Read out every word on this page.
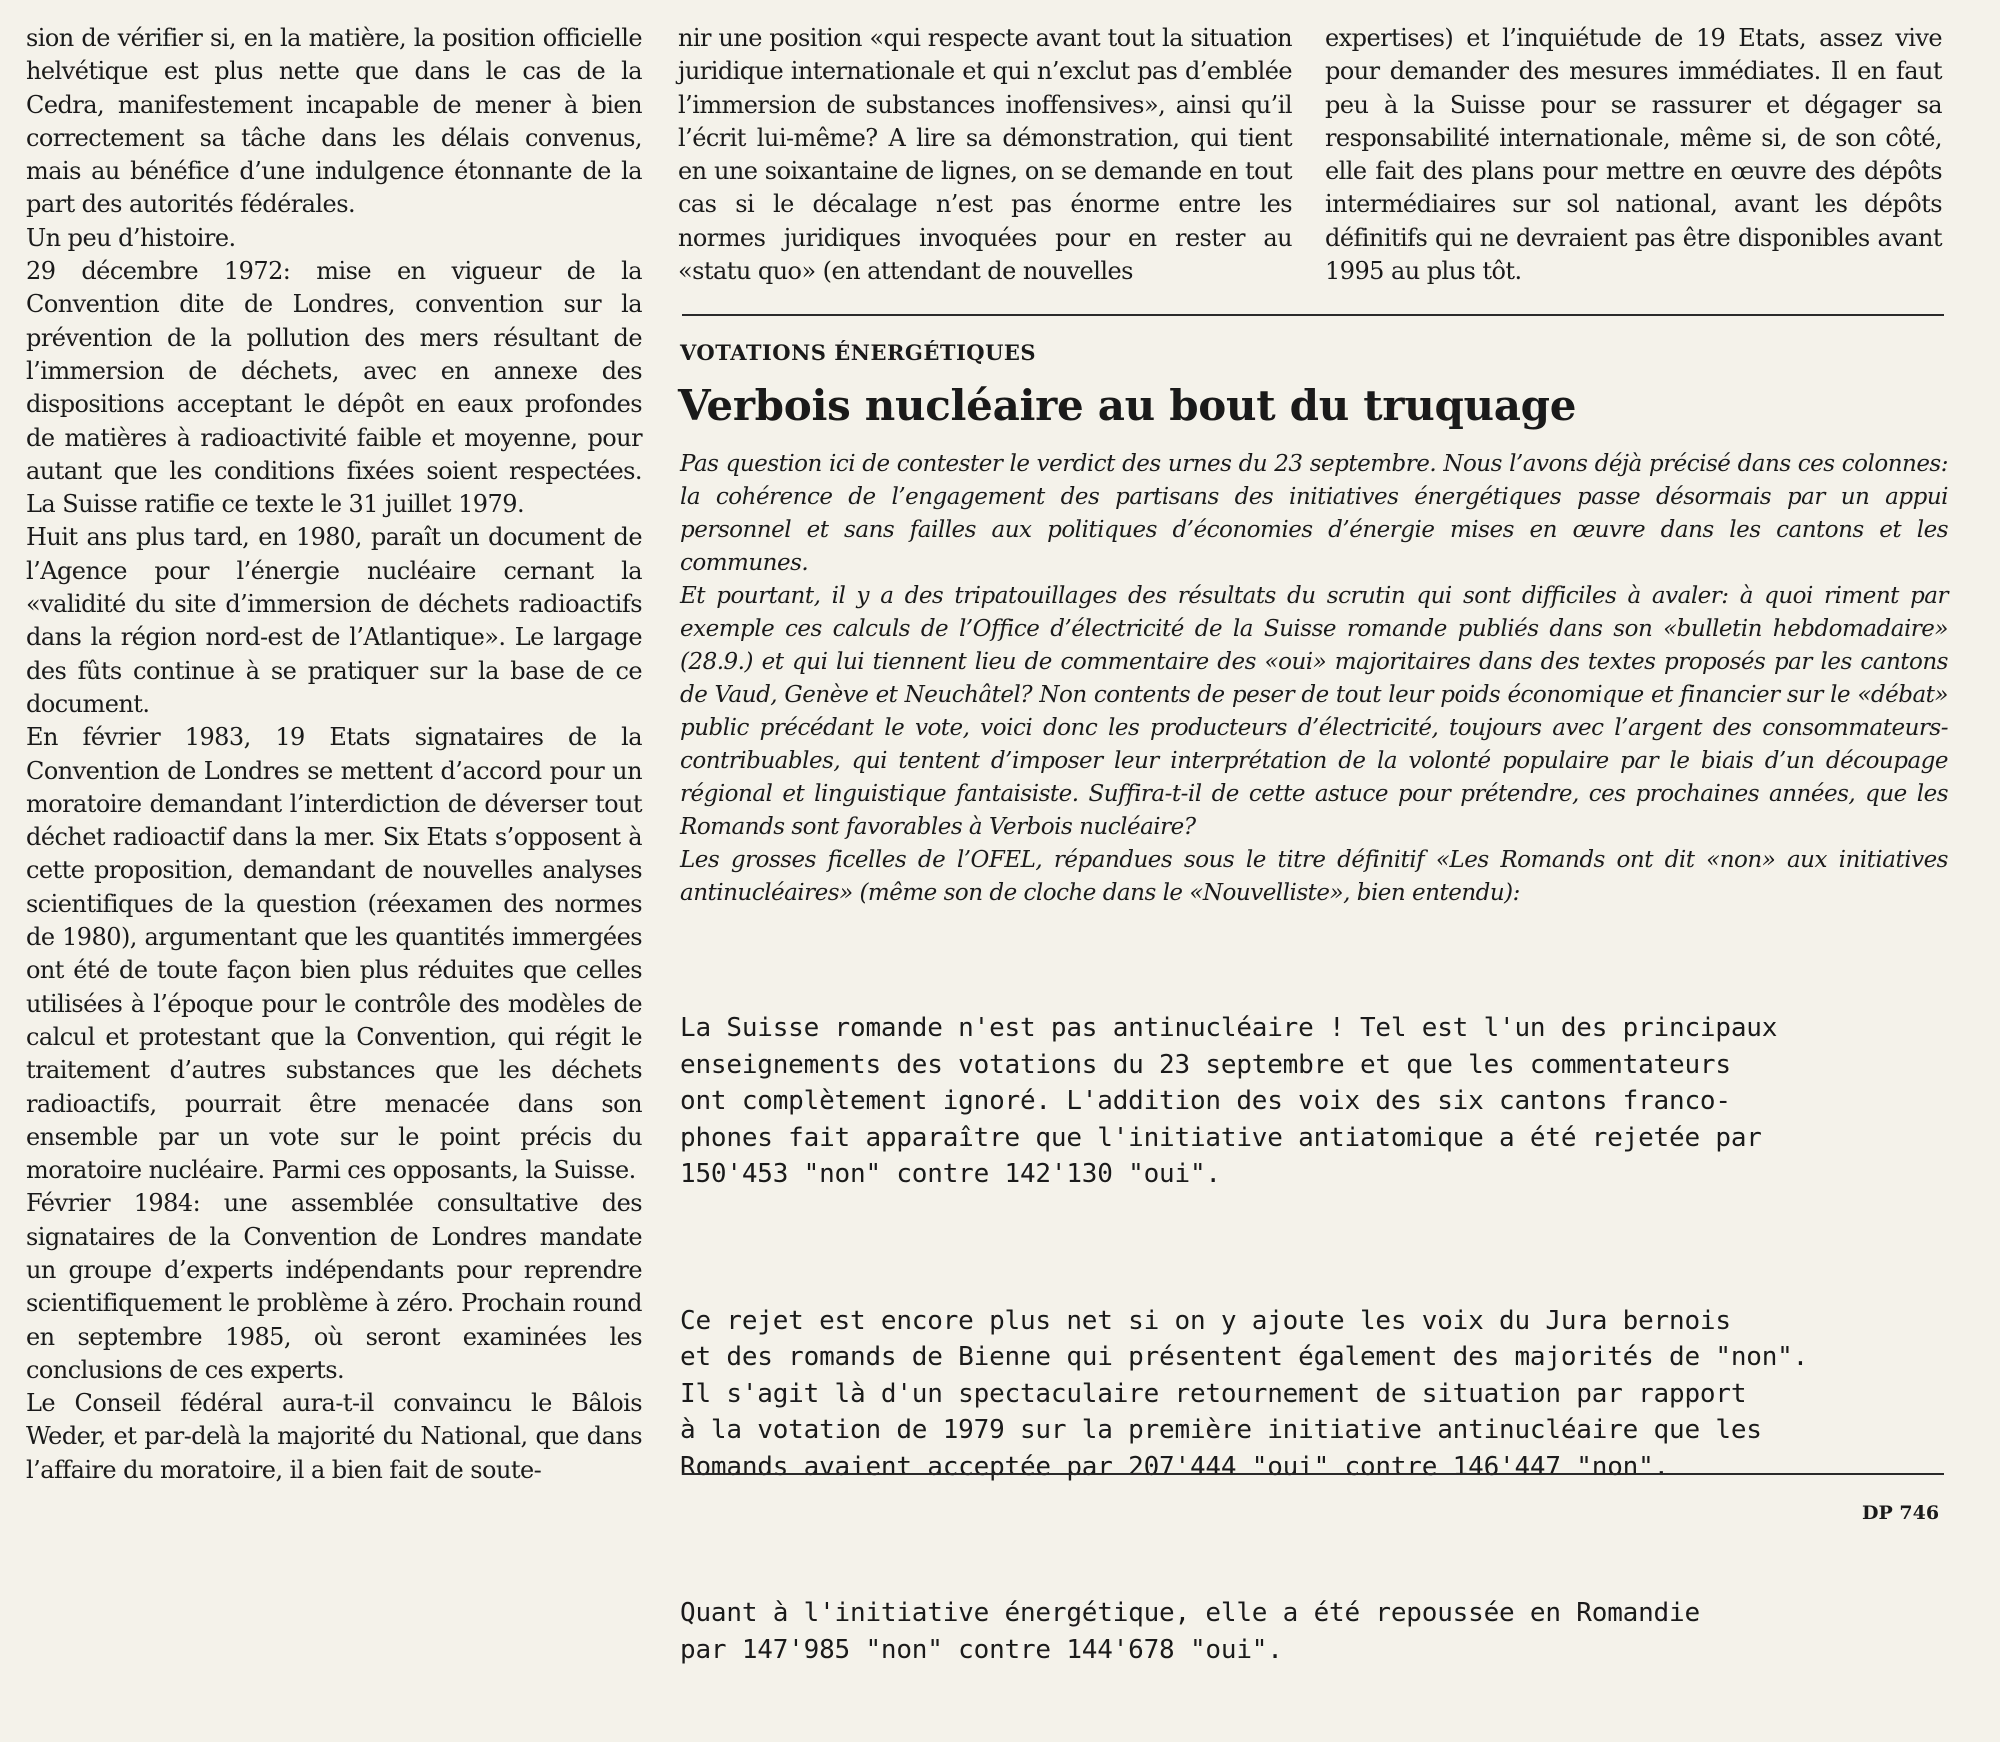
sion de vérifier si, en la matière, la position officielle helvétique est plus nette que dans le cas de la Cedra, manifestement incapable de mener à bien correctement sa tâche dans les délais convenus, mais au bénéfice d’une indulgence étonnante de la part des autorités fédérales.

Un peu d’histoire.

29 décembre 1972: mise en vigueur de la Convention dite de Londres, convention sur la prévention de la pollution des mers résultant de l’immersion de déchets, avec en annexe des dispositions acceptant le dépôt en eaux profondes de matières à radioactivité faible et moyenne, pour autant que les conditions fixées soient respectées. La Suisse ratifie ce texte le 31 juillet 1979.

Huit ans plus tard, en 1980, paraît un document de l’Agence pour l’énergie nucléaire cernant la «validité du site d’immersion de déchets radioactifs dans la région nord-est de l’Atlantique». Le largage des fûts continue à se pratiquer sur la base de ce document.

En février 1983, 19 Etats signataires de la Convention de Londres se mettent d’accord pour un moratoire demandant l’interdiction de déverser tout déchet radioactif dans la mer. Six Etats s’opposent à cette proposition, demandant de nouvelles analyses scientifiques de la question (réexamen des normes de 1980), argumentant que les quantités immergées ont été de toute façon bien plus réduites que celles utilisées à l’époque pour le contrôle des modèles de calcul et protestant que la Convention, qui régit le traitement d’autres substances que les déchets radioactifs, pourrait être menacée dans son ensemble par un vote sur le point précis du moratoire nucléaire. Parmi ces opposants, la Suisse.

Février 1984: une assemblée consultative des signataires de la Convention de Londres mandate un groupe d’experts indépendants pour reprendre scientifiquement le problème à zéro. Prochain round en septembre 1985, où seront examinées les conclusions de ces experts.

Le Conseil fédéral aura-t-il convaincu le Bâlois Weder, et par-delà la majorité du National, que dans l’affaire du moratoire, il a bien fait de soute-

nir une position «qui respecte avant tout la situation juridique internationale et qui n’exclut pas d’emblée l’immersion de substances inoffensives», ainsi qu’il l’écrit lui-même? A lire sa démonstration, qui tient en une soixantaine de lignes, on se demande en tout cas si le décalage n’est pas énorme entre les normes juridiques invoquées pour en rester au «statu quo» (en attendant de nouvelles

expertises) et l’inquiétude de 19 Etats, assez vive pour demander des mesures immédiates. Il en faut peu à la Suisse pour se rassurer et dégager sa responsabilité internationale, même si, de son côté, elle fait des plans pour mettre en œuvre des dépôts intermédiaires sur sol national, avant les dépôts définitifs qui ne devraient pas être disponibles avant 1995 au plus tôt.

VOTATIONS ÉNERGÉTIQUES
Verbois nucléaire au bout du truquage

Pas question ici de contester le verdict des urnes du 23 septembre. Nous l’avons déjà précisé dans ces colonnes: la cohérence de l’engagement des partisans des initiatives énergétiques passe désormais par un appui personnel et sans failles aux politiques d’économies d’énergie mises en œuvre dans les cantons et les communes.

Et pourtant, il y a des tripatouillages des résultats du scrutin qui sont difficiles à avaler: à quoi riment par exemple ces calculs de l’Office d’électricité de la Suisse romande publiés dans son «bulletin hebdomadaire» (28.9.) et qui lui tiennent lieu de commentaire des «oui» majoritaires dans des textes proposés par les cantons de Vaud, Genève et Neuchâtel? Non contents de peser de tout leur poids économique et financier sur le «débat» public précédant le vote, voici donc les producteurs d’électricité, toujours avec l’argent des consommateurs-contribuables, qui tentent d’imposer leur interprétation de la volonté populaire par le biais d’un découpage régional et linguistique fantaisiste. Suffira-t-il de cette astuce pour prétendre, ces prochaines années, que les Romands sont favorables à Verbois nucléaire?

Les grosses ficelles de l’OFEL, répandues sous le titre définitif «Les Romands ont dit «non» aux initiatives antinucléaires» (même son de cloche dans le «Nouvelliste», bien entendu):

La Suisse romande n'est pas antinucléaire ! Tel est l'un des principaux
enseignements des votations du 23 septembre et que les commentateurs
ont complètement ignoré. L'addition des voix des six cantons franco-
phones fait apparaître que l'initiative antiatomique a été rejetée par
150'453 "non" contre 142'130 "oui".

Ce rejet est encore plus net si on y ajoute les voix du Jura bernois
et des romands de Bienne qui présentent également des majorités de "non".
Il s'agit là d'un spectaculaire retournement de situation par rapport
à la votation de 1979 sur la première initiative antinucléaire que les
Romands avaient acceptée par 207'444 "oui" contre 146'447 "non".

Quant à l'initiative énergétique, elle a été repoussée en Romandie
par 147'985 "non" contre 144'678 "oui".

DP 746
